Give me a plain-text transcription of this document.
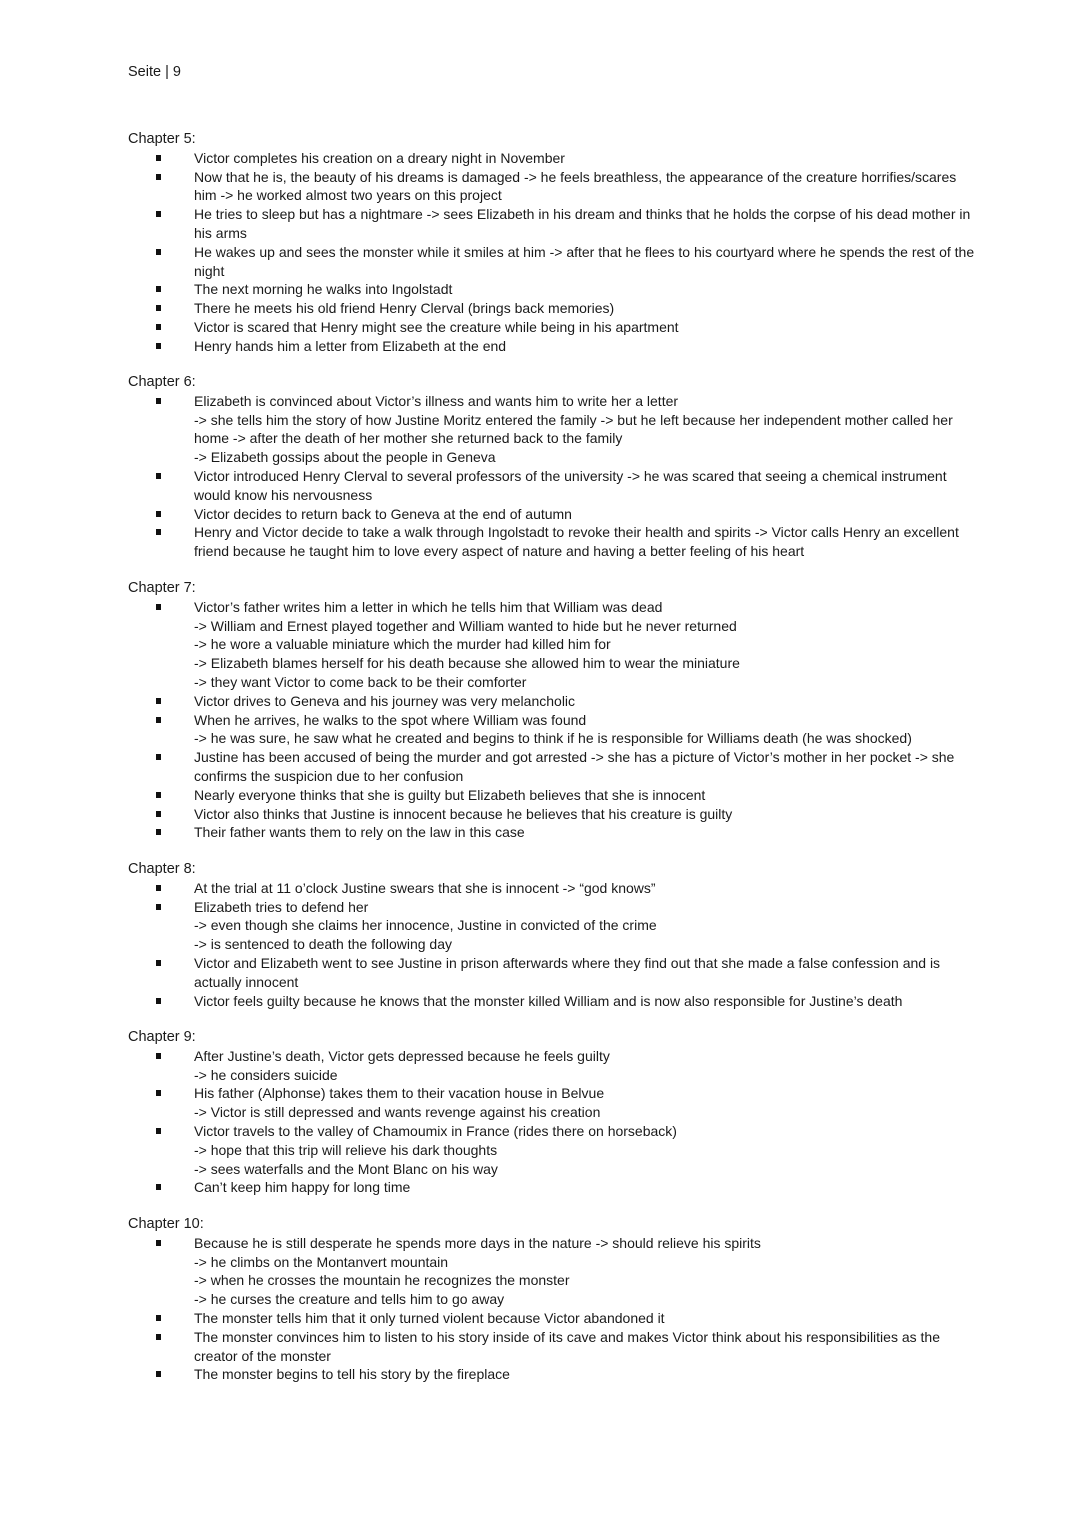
Seite | 9
Chapter 5:
Victor completes his creation on a dreary night in November
Now that he is, the beauty of his dreams is damaged -> he feels breathless, the appearance of the creature horrifies/scares
him -> he worked almost two years on this project
He tries to sleep but has a nightmare -> sees Elizabeth in his dream and thinks that he holds the corpse of his dead mother in
his arms
He wakes up and sees the monster while it smiles at him -> after that he flees to his courtyard where he spends the rest of the
night
The next morning he walks into Ingolstadt
There he meets his old friend Henry Clerval (brings back memories)
Victor is scared that Henry might see the creature while being in his apartment
Henry hands him a letter from Elizabeth at the end
Chapter 6:
Elizabeth is convinced about Victor’s illness and wants him to write her a letter
-> she tells him the story of how Justine Moritz entered the family -> but he left because her independent mother called her
home -> after the death of her mother she returned back to the family
-> Elizabeth gossips about the people in Geneva
Victor introduced Henry Clerval to several professors of the university -> he was scared that seeing a chemical instrument
would know his nervousness
Victor decides to return back to Geneva at the end of autumn
Henry and Victor decide to take a walk through Ingolstadt to revoke their health and spirits -> Victor calls Henry an excellent
friend because he taught him to love every aspect of nature and having a better feeling of his heart
Chapter 7:
Victor’s father writes him a letter in which he tells him that William was dead
-> William and Ernest played together and William wanted to hide but he never returned
-> he wore a valuable miniature which the murder had killed him for
-> Elizabeth blames herself for his death because she allowed him to wear the miniature
-> they want Victor to come back to be their comforter
Victor drives to Geneva and his journey was very melancholic
When he arrives, he walks to the spot where William was found
-> he was sure, he saw what he created and begins to think if he is responsible for Williams death (he was shocked)
Justine has been accused of being the murder and got arrested -> she has a picture of Victor’s mother in her pocket -> she
confirms the suspicion due to her confusion
Nearly everyone thinks that she is guilty but Elizabeth believes that she is innocent
Victor also thinks that Justine is innocent because he believes that his creature is guilty
Their father wants them to rely on the law in this case
Chapter 8:
At the trial at 11 o’clock Justine swears that she is innocent -> “god knows”
Elizabeth tries to defend her
-> even though she claims her innocence, Justine in convicted of the crime
-> is sentenced to death the following day
Victor and Elizabeth went to see Justine in prison afterwards where they find out that she made a false confession and is
actually innocent
Victor feels guilty because he knows that the monster killed William and is now also responsible for Justine’s death
Chapter 9:
After Justine’s death, Victor gets depressed because he feels guilty
-> he considers suicide
His father (Alphonse) takes them to their vacation house in Belvue
-> Victor is still depressed and wants revenge against his creation
Victor travels to the valley of Chamoumix in France (rides there on horseback)
-> hope that this trip will relieve his dark thoughts
-> sees waterfalls and the Mont Blanc on his way
Can’t keep him happy for long time
Chapter 10:
Because he is still desperate he spends more days in the nature -> should relieve his spirits
-> he climbs on the Montanvert mountain
-> when he crosses the mountain he recognizes the monster
-> he curses the creature and tells him to go away
The monster tells him that it only turned violent because Victor abandoned it
The monster convinces him to listen to his story inside of its cave and makes Victor think about his responsibilities as the
creator of the monster
The monster begins to tell his story by the fireplace
